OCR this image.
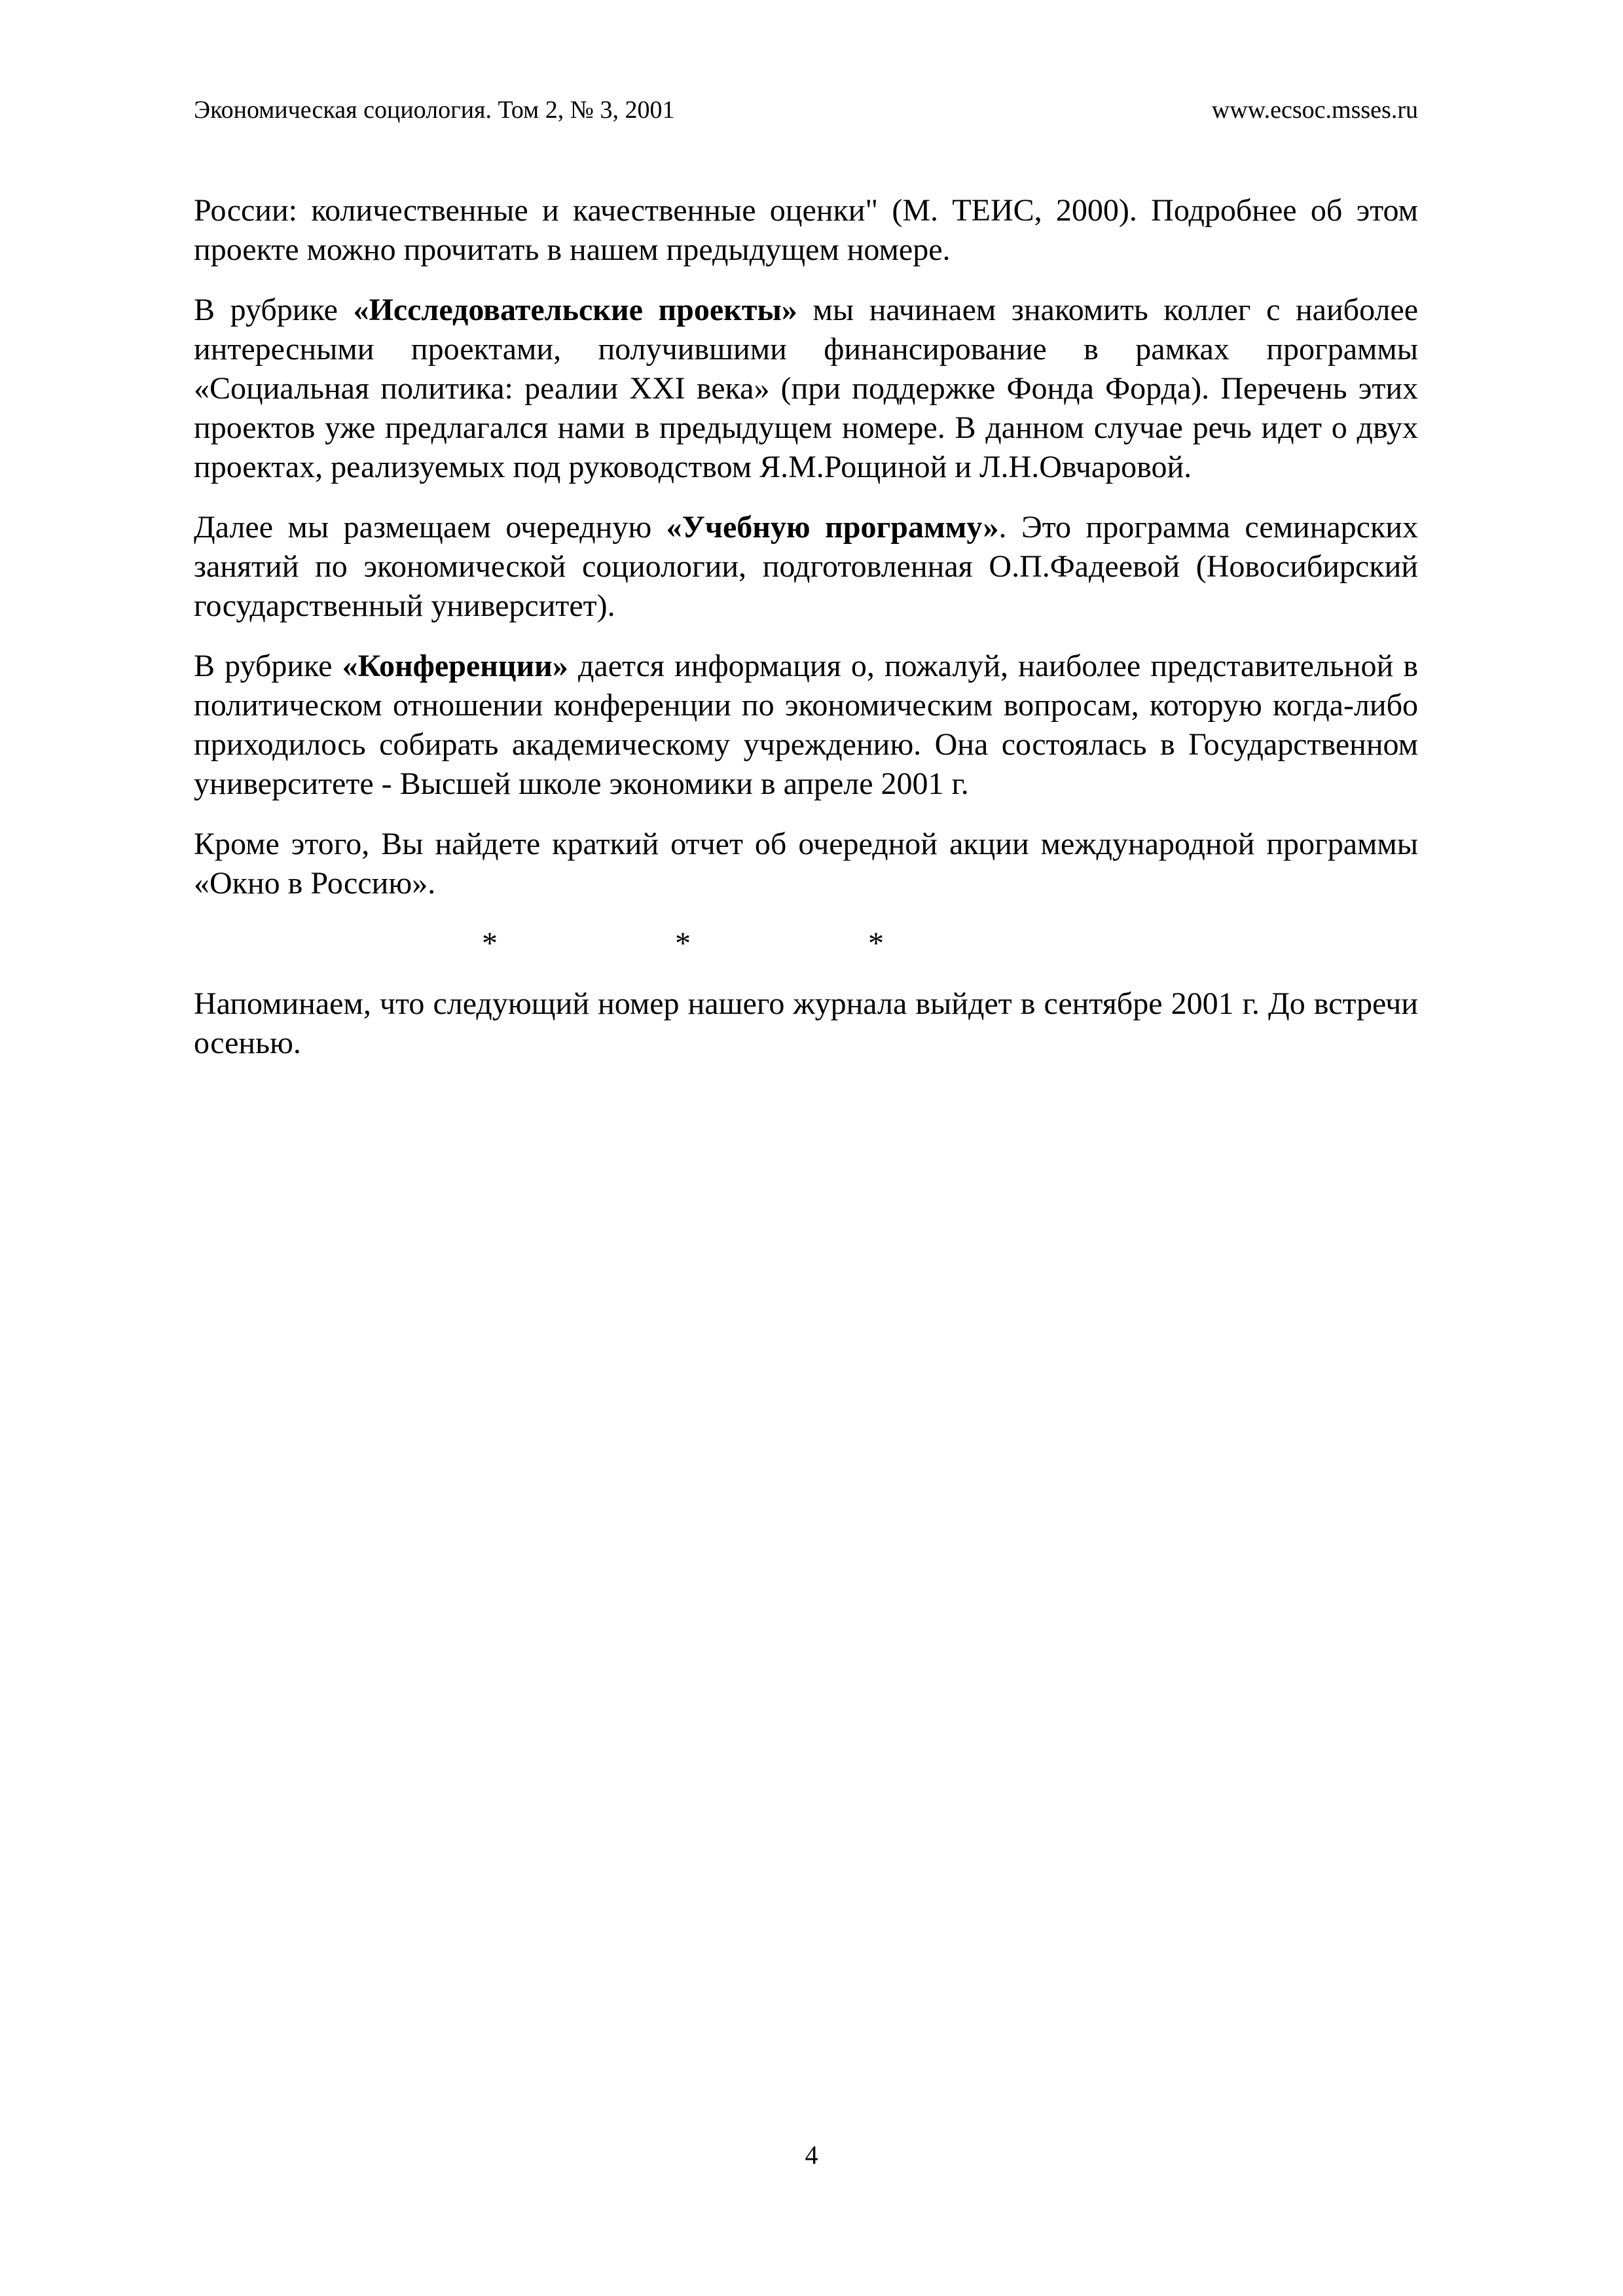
Экономическая социология. Том 2, № 3, 2001	www.ecsoc.msses.ru

России: количественные и качественные оценки" (М. ТЕИС, 2000). Подробнее об этом проекте можно прочитать в нашем предыдущем номере.

В рубрике «Исследовательские проекты» мы начинаем знакомить коллег с наиболее интересными проектами, получившими финансирование в рамках программы «Социальная политика: реалии XXI века» (при поддержке Фонда Форда). Перечень этих проектов уже предлагался нами в предыдущем номере. В данном случае речь идет о двух проектах, реализуемых под руководством Я.М.Рощиной и Л.Н.Овчаровой.

Далее мы размещаем очередную «Учебную программу». Это программа семинарских занятий по экономической социологии, подготовленная О.П.Фадеевой (Новосибирский государственный университет).

В рубрике «Конференции» дается информация о, пожалуй, наиболее представительной в политическом отношении конференции по экономическим вопросам, которую когда-либо приходилось собирать академическому учреждению. Она состоялась в Государственном университете - Высшей школе экономики в апреле 2001 г.

Кроме этого, Вы найдете краткий отчет об очередной акции международной программы «Окно в Россию».

*	*	*

Напоминаем, что следующий номер нашего журнала выйдет в сентябре 2001 г. До встречи осенью.

4
